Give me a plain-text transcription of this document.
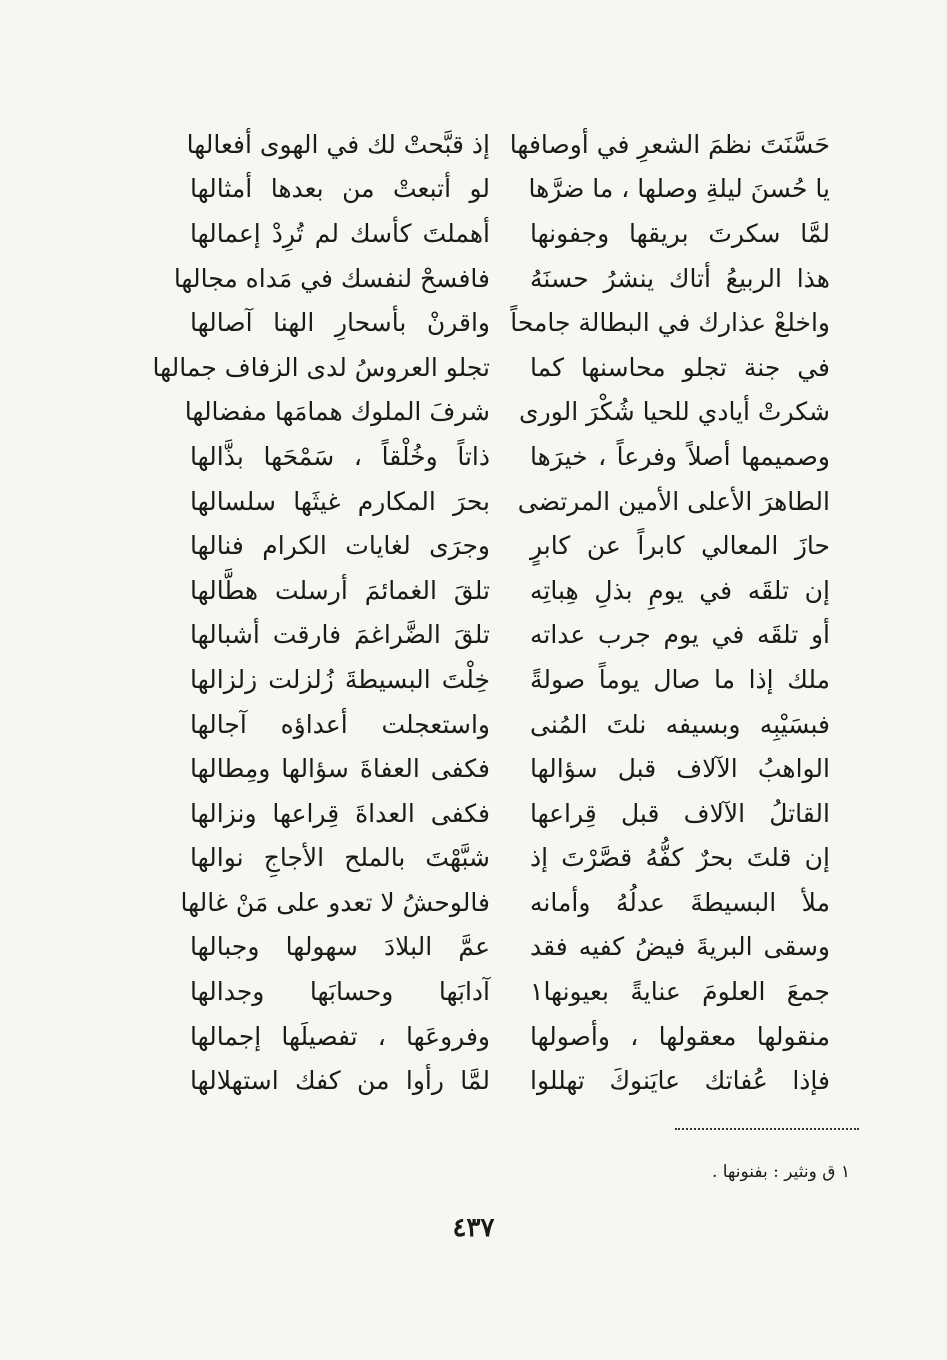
حَسَّنَتَ نظمَ الشعرِ في أوصافها
إذ قبَّحتْ لك في الهوى أفعالها
يا حُسنَ ليلةِ وصلها ، ما ضرَّها
لو أتبعتْ من بعدها أمثالها
لمَّا سكرتَ بريقها وجفونها
أهملتَ كأسك لم تُرِدْ إعمالها
هذا الربيعُ أتاك ينشرُ حسنَهُ
فافسحْ لنفسك في مَداه مجالها
واخلعْ عذارك في البطالة جامحاً
واقرنْ بأسحارِ الهنا آصالها
في جنة تجلو محاسنها كما
تجلو العروسُ لدى الزفاف جمالها
شكرتْ أيادي للحيا شُكْرَ الورى
شرفَ الملوك همامَها مفضالها
وصميمها أصلاً وفرعاً ، خيرَها
ذاتاً وخُلْقاً ، سَمْحَها بذَّالها
الطاهرَ الأعلى الأمين المرتضى
بحرَ المكارم غيثَها سلسالها
حازَ المعالي كابراً عن كابرٍ
وجرَى لغايات الكرام فنالها
إن تلقَه في يومِ بذلِ هِباتِه
تلقَ الغمائمَ أرسلت هطَّالها
أو تلقَه في يوم جرب عداته
تلقَ الضَّراغمَ فارقت أشبالها
ملك إذا ما صال يوماً صولةً
خِلْتَ البسيطةَ زُلزلت زلزالها
فبسَيْبِه وبسيفه نلتَ المُنى
واستعجلت أعداؤه آجالها
الواهبُ الآلاف قبل سؤالها
فكفى العفاةَ سؤالها ومِطالها
القاتلُ الآلاف قبل قِراعها
فكفى العداةَ قِراعها ونزالها
إن قلتَ بحرٌ كفُّهُ قصَّرْتَ إذ
شبَّهْتَ بالملح الأجاجِ نوالها
ملأ البسيطةَ عدلُهُ وأمانه
فالوحشُ لا تعدو على مَنْ غالها
وسقى البريةَ فيضُ كفيه فقد
عمَّ البلادَ سهولها وجبالها
جمعَ العلومَ عنايةً بعيونها١
آدابَها وحسابَها وجدالها
منقولها معقولها ، وأصولها
وفروعَها ، تفصيلَها إجمالها
فإذا عُفاتك عايَنوكَ تهللوا
لمَّا رأوا من كفك استهلالها
١ ق ونثير : بفنونها .
٤٣٧
